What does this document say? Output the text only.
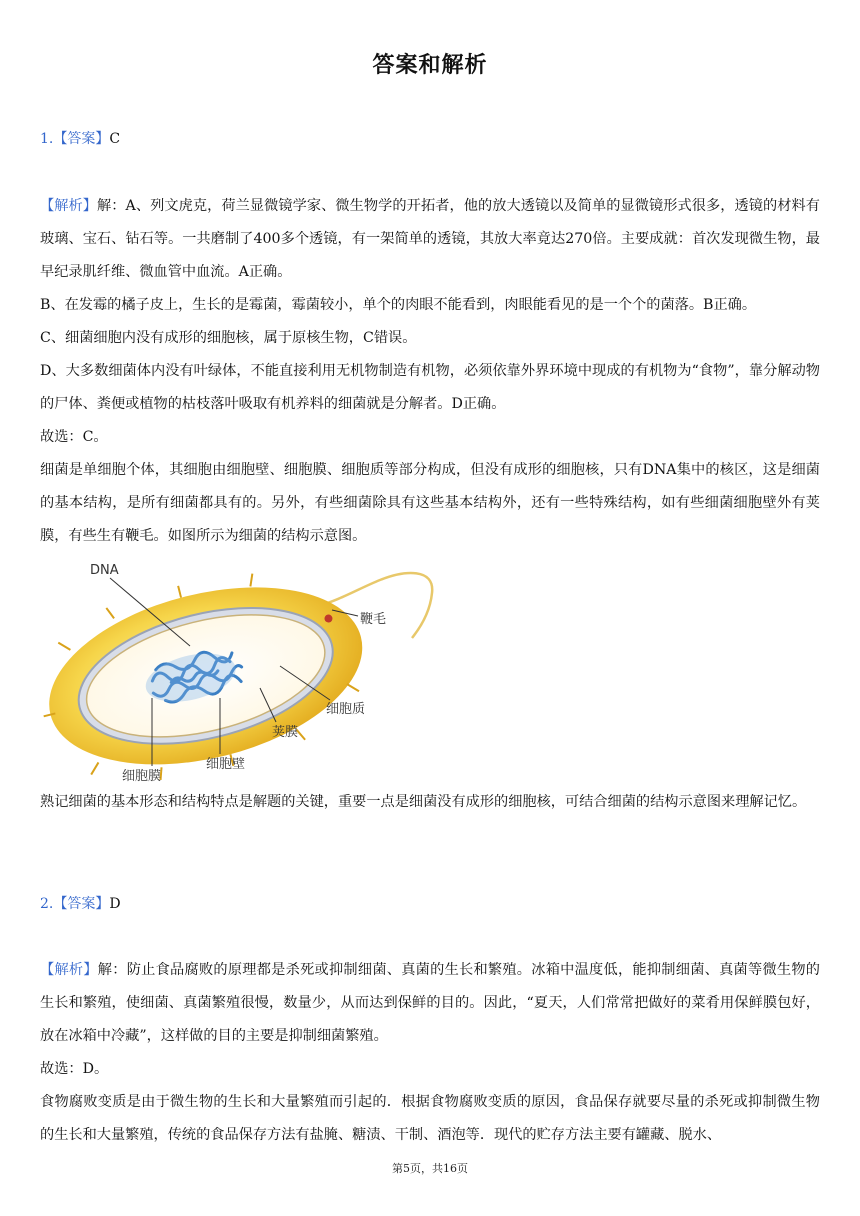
答案和解析
1.【答案】C
【解析】解：A、列文虎克，荷兰显微镜学家、微生物学的开拓者，他的放大透镜以及简单的显微镜形式很多，透镜的材料有玻璃、宝石、钻石等。一共磨制了400多个透镜，有一架简单的透镜，其放大率竟达270倍。主要成就：首次发现微生物，最早纪录肌纤维、微血管中血流。A正确。
B、在发霉的橘子皮上，生长的是霉菌，霉菌较小，单个的肉眼不能看到，肉眼能看见的是一个个的菌落。B正确。
C、细菌细胞内没有成形的细胞核，属于原核生物，C错误。
D、大多数细菌体内没有叶绿体，不能直接利用无机物制造有机物，必须依靠外界环境中现成的有机物为“食物”，靠分解动物的尸体、粪便或植物的枯枝落叶吸取有机养料的细菌就是分解者。D正确。
故选：C。
细菌是单细胞个体，其细胞由细胞壁、细胞膜、细胞质等部分构成，但没有成形的细胞核，只有DNA集中的核区，这是细菌的基本结构，是所有细菌都具有的。另外，有些细菌除具有这些基本结构外，还有一些特殊结构，如有些细菌细胞壁外有荚膜，有些生有鞭毛。如图所示为细菌的结构示意图。
DNA
鞭毛
细胞质
荚膜
细胞壁
细胞膜
熟记细菌的基本形态和结构特点是解题的关键，重要一点是细菌没有成形的细胞核，可结合细菌的结构示意图来理解记忆。
2.【答案】D
【解析】解：防止食品腐败的原理都是杀死或抑制细菌、真菌的生长和繁殖。冰箱中温度低，能抑制细菌、真菌等微生物的生长和繁殖，使细菌、真菌繁殖很慢，数量少，从而达到保鲜的目的。因此，“夏天，人们常常把做好的菜肴用保鲜膜包好，放在冰箱中冷藏”，这样做的目的主要是抑制细菌繁殖。
故选：D。
食物腐败变质是由于微生物的生长和大量繁殖而引起的．根据食物腐败变质的原因，食品保存就要尽量的杀死或抑制微生物的生长和大量繁殖，传统的食品保存方法有盐腌、糖渍、干制、酒泡等．现代的贮存方法主要有罐藏、脱水、
第5页，共16页
